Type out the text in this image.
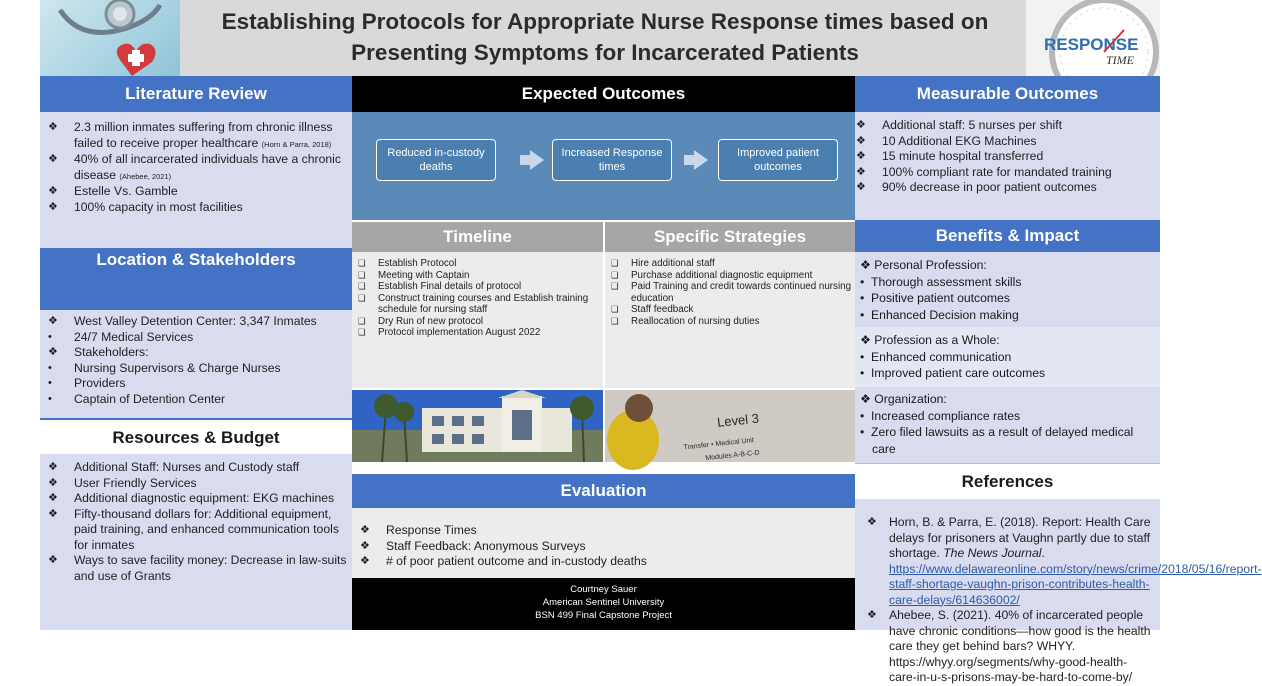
Establishing Protocols for Appropriate Nurse Response times based on
Presenting Symptoms for Incarcerated Patients	RESPONSE
TIME
Literature Review
❖ 2.3 million inmates suffering from chronic illness failed to receive proper healthcare (Horn & Parra, 2018)
❖ 40% of all incarcerated individuals have a chronic disease (Ahebee, 2021)
❖ Estelle Vs. Gamble
❖ 100% capacity in most facilities
Location & Stakeholders
❖ West Valley Detention Center: 3,347 Inmates
• 24/7 Medical Services
❖ Stakeholders:
• Nursing Supervisors & Charge Nurses
• Providers
• Captain of Detention Center
Resources & Budget
❖ Additional Staff: Nurses and Custody staff
❖ User Friendly Services
❖ Additional diagnostic equipment: EKG machines
❖ Fifty-thousand dollars for: Additional equipment, paid training, and enhanced communication tools for inmates
❖ Ways to save facility money: Decrease in law-suits and use of Grants
Expected Outcomes
Reduced in-custody deaths
Increased Response times
Improved patient outcomes
Timeline	Specific Strategies
❑ Establish Protocol
❑ Meeting with Captain
❑ Establish Final details of protocol
❑ Construct training courses and Establish training schedule for nursing staff
❑ Dry Run of new protocol
❑ Protocol implementation August 2022
❑ Hire additional staff
❑ Purchase additional diagnostic equipment
❑ Paid Training and credit towards continued nursing education
❑ Staff feedback
❑ Reallocation of nursing duties
Level 3
Transfer • Medical Unit
Modules A-B-C-D
Evaluation
❖ Response Times
❖ Staff Feedback: Anonymous Surveys
❖ # of poor patient outcome and in-custody deaths
Courtney Sauer
American Sentinel University
BSN 499 Final Capstone Project
Measurable Outcomes
❖ Additional staff: 5 nurses per shift
❖ 10 Additional EKG Machines
❖ 15 minute hospital transferred
❖ 100% compliant rate for mandated training
❖ 90% decrease in poor patient outcomes
Benefits & Impact
❖ Personal Profession:
•  Thorough assessment skills
•  Positive patient outcomes
•  Enhanced Decision making
❖ Profession as a Whole:
•  Enhanced communication
•  Improved patient care outcomes
❖ Organization:
•  Increased compliance rates
•  Zero filed lawsuits as a result of delayed medical care
References
❖ Horn, B. & Parra, E. (2018). Report: Health Care delays for prisoners at Vaughn partly due to staff shortage. The News Journal. https://www.delawareonline.com/story/news/crime/2018/05/16/report-staff-shortage-vaughn-prison-contributes-health-care-delays/614636002/
❖ Ahebee, S. (2021). 40% of incarcerated people have chronic conditions—how good is the health care they get behind bars? WHYY. https://whyy.org/segments/why-good-health-care-in-u-s-prisons-may-be-hard-to-come-by/
